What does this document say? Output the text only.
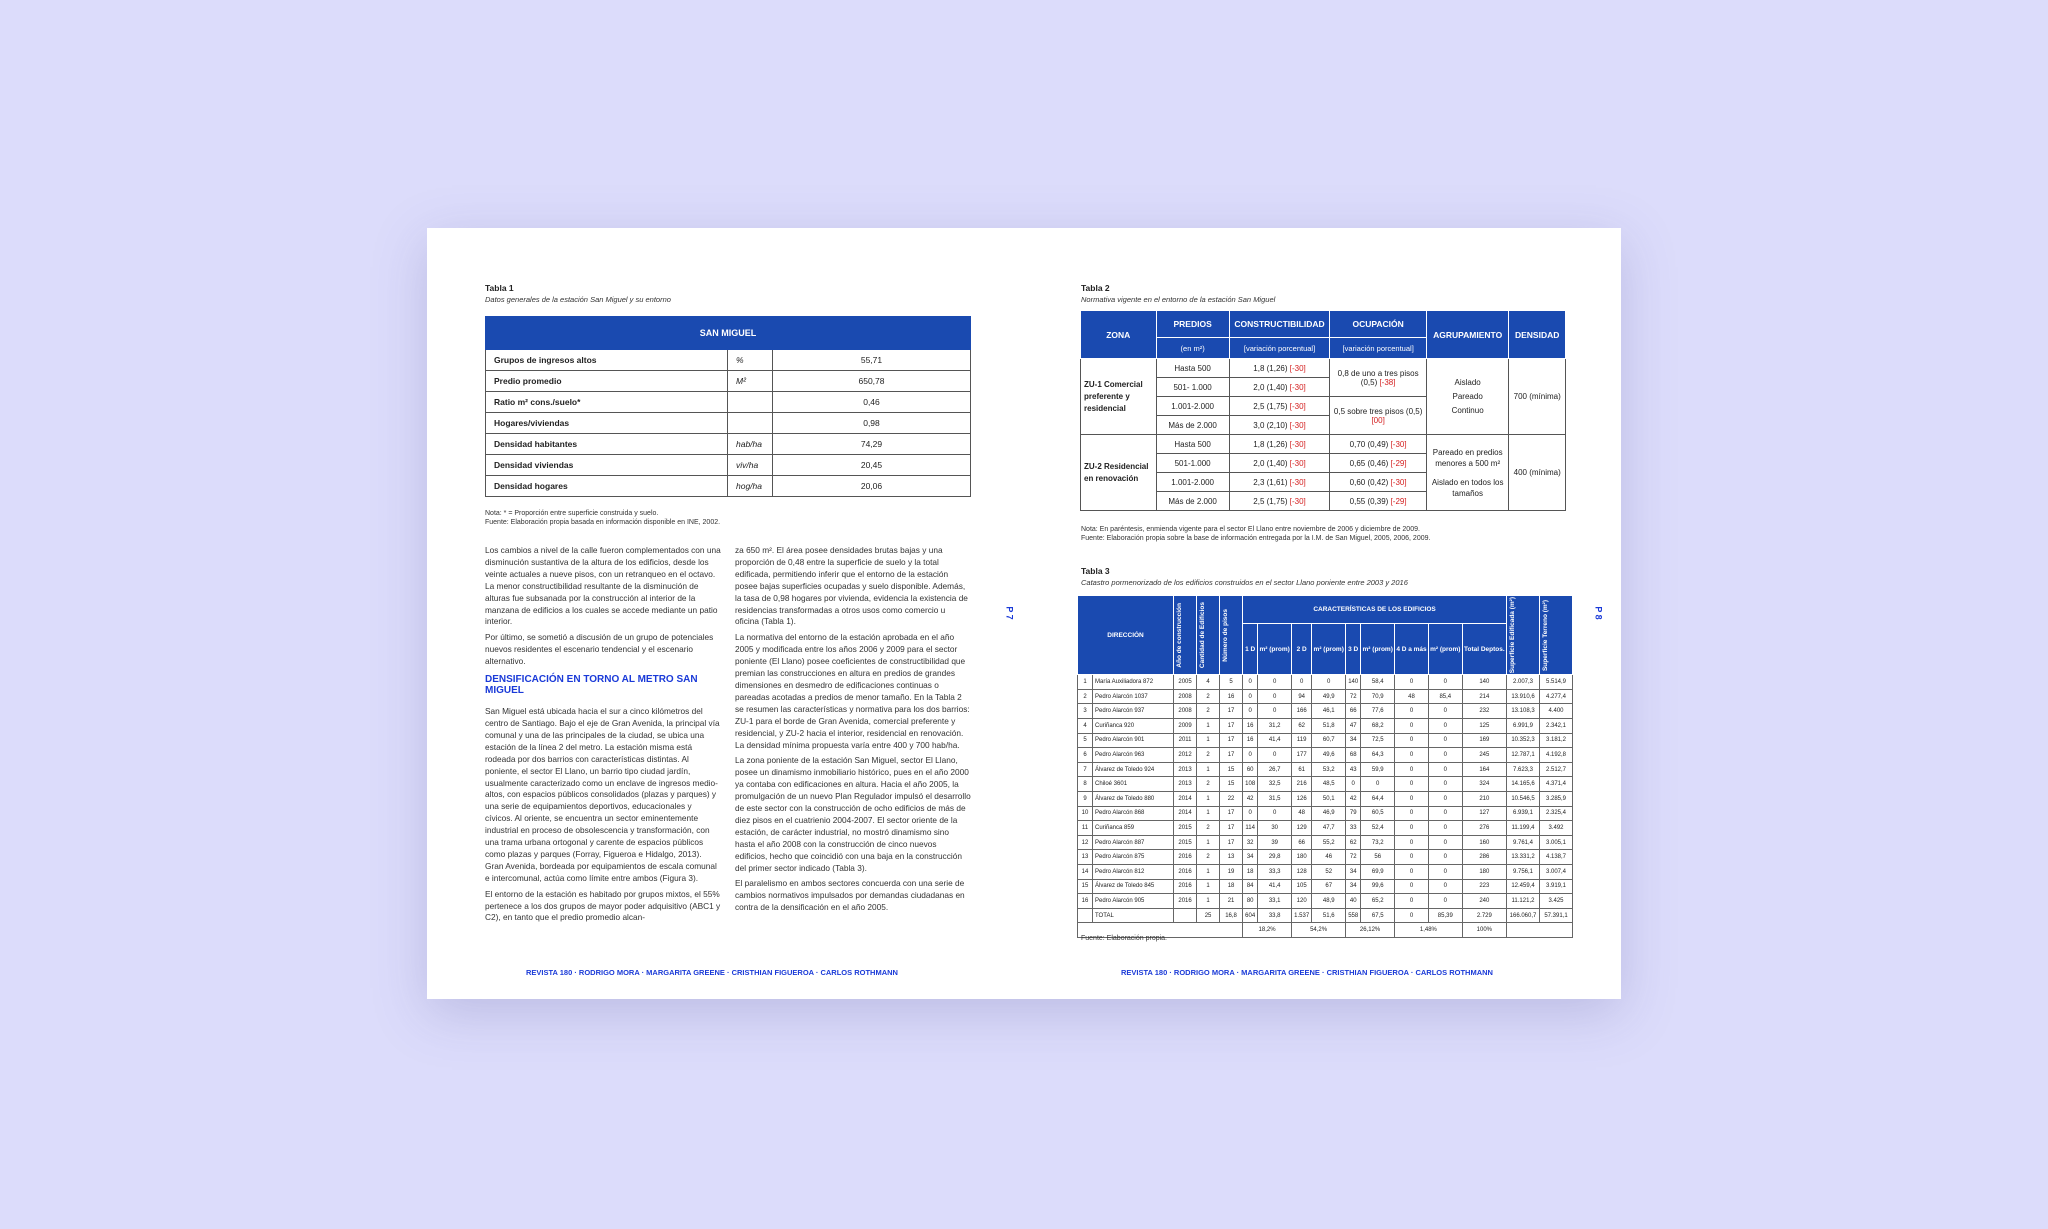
Tabla 1
Datos generales de la estación San Miguel y su entorno
SAN MIGUEL		
Grupos de ingresos altos	%	55,71
Predio promedio	M²	650,78
Ratio m² cons./suelo*		0,46
Hogares/viviendas		0,98
Densidad habitantes	hab/ha	74,29
Densidad viviendas	viv/ha	20,45
Densidad hogares	hog/ha	20,06
Nota: * = Proporción entre superficie construida y suelo.
Fuente: Elaboración propia basada en información disponible en INE, 2002.

Los cambios a nivel de la calle fueron complementados con una disminución sustantiva de la altura de los edificios, desde los veinte actuales a nueve pisos, con un retranqueo en el octavo. La menor constructibilidad resultante de la disminución de alturas fue subsanada por la construcción al interior de la manzana de edificios a los cuales se accede mediante un patio interior.

Por último, se sometió a discusión de un grupo de potenciales nuevos residentes el escenario tendencial y el escenario alternativo.

DENSIFICACIÓN EN TORNO AL METRO SAN MIGUEL

San Miguel está ubicada hacia el sur a cinco kilómetros del centro de Santiago. Bajo el eje de Gran Avenida, la principal vía comunal y una de las principales de la ciudad, se ubica una estación de la línea 2 del metro. La estación misma está rodeada por dos barrios con características distintas. Al poniente, el sector El Llano, un barrio tipo ciudad jardín, usualmente caracterizado como un enclave de ingresos medio-altos, con espacios públicos consolidados (plazas y parques) y una serie de equipamientos deportivos, educacionales y cívicos. Al oriente, se encuentra un sector eminentemente industrial en proceso de obsolescencia y transformación, con una trama urbana ortogonal y carente de espacios públicos como plazas y parques (Forray, Figueroa e Hidalgo, 2013). Gran Avenida, bordeada por equipamientos de escala comunal e intercomunal, actúa como límite entre ambos (Figura 3).

El entorno de la estación es habitado por grupos mixtos, el 55% pertenece a los dos grupos de mayor poder adquisitivo (ABC1 y C2), en tanto que el predio promedio alcan-

za 650 m². El área posee densidades brutas bajas y una proporción de 0,48 entre la superficie de suelo y la total edificada, permitiendo inferir que el entorno de la estación posee bajas superficies ocupadas y suelo disponible. Además, la tasa de 0,98 hogares por vivienda, evidencia la existencia de residencias transformadas a otros usos como comercio u oficina (Tabla 1).

La normativa del entorno de la estación aprobada en el año 2005 y modificada entre los años 2006 y 2009 para el sector poniente (El Llano) posee coeficientes de constructibilidad que premian las construcciones en altura en predios de grandes dimensiones en desmedro de edificaciones continuas o pareadas acotadas a predios de menor tamaño. En la Tabla 2 se resumen las características y normativa para los dos barrios: ZU-1 para el borde de Gran Avenida, comercial preferente y residencial, y ZU-2 hacia el interior, residencial en renovación. La densidad mínima propuesta varía entre 400 y 700 hab/ha.

La zona poniente de la estación San Miguel, sector El Llano, posee un dinamismo inmobiliario histórico, pues en el año 2000 ya contaba con edificaciones en altura. Hacia el año 2005, la promulgación de un nuevo Plan Regulador impulsó el desarrollo de este sector con la construcción de ocho edificios de más de diez pisos en el cuatrienio 2004-2007. El sector oriente de la estación, de carácter industrial, no mostró dinamismo sino hasta el año 2008 con la construcción de cinco nuevos edificios, hecho que coincidió con una baja en la construcción del primer sector indicado (Tabla 3).

El paralelismo en ambos sectores concuerda con una serie de cambios normativos impulsados por demandas ciudadanas en contra de la densificación en el año 2005.

P 7
REVISTA 180 · RODRIGO MORA · MARGARITA GREENE · CRISTHIAN FIGUEROA · CARLOS ROTHMANN
Tabla 2
Normativa vigente en el entorno de la estación San Miguel
ZONA	PREDIOS	CONSTRUCTIBILIDAD	OCUPACIÓN	AGRUPAMIENTO	DENSIDAD
	(en m²)	[variación porcentual]	[variación porcentual]		
ZU-1 Comercial preferente y residencial	Hasta 500	1,8 (1,26) [-30]	0,8 de uno a tres pisos (0,5) [-38]	Aislado
Pareado
Continuo	700 (mínima)
	501- 1.000	2,0 (1,40) [-30]			
	1.001-2.000	2,5 (1,75) [-30]	0,5 sobre tres pisos (0,5) [00]		
	Más de 2.000	3,0 (2,10) [-30]			
ZU-2 Residencial en renovación	Hasta 500	1,8 (1,26) [-30]	0,70 (0,49) [-30]	Pareado en predios menores a 500 m²
Aislado en todos los tamaños	400 (mínima)
	501-1.000	2,0 (1,40) [-30]	0,65 (0,46) [-29]		
	1.001-2.000	2,3 (1,61) [-30]	0,60 (0,42) [-30]		
	Más de 2.000	2,5 (1,75) [-30]	0,55 (0,39) [-29]		
Nota: En paréntesis, enmienda vigente para el sector El Llano entre noviembre de 2006 y diciembre de 2009.
Fuente: Elaboración propia sobre la base de información entregada por la I.M. de San Miguel, 2005, 2006, 2009.
Tabla 3
Catastro pormenorizado de los edificios construidos en el sector Llano poniente entre 2003 y 2016
DIRECCIÓN		Año de construcción	Cantidad de Edificios	Número de pisos	CARACTERÍSTICAS DE LOS EDIFICIOS									Superficie Edificada (m²)	Superficie Terreno (m²)

					1 D	m² (prom)	2 D	m² (prom)	3 D	m² (prom)	4 D a más	m² (prom)	Total Deptos.		
1	María Auxiliadora 872	2005	4	5	0	0	0	0	140	58,4	0	0	140	2.007,3	5.514,9
2	Pedro Alarcón 1037	2008	2	16	0	0	94	49,9	72	70,9	48	85,4	214	13.910,6	4.277,4
3	Pedro Alarcón 937	2008	2	17	0	0	166	46,1	66	77,6	0	0	232	13.108,3	4.400
4	Curiñanca 920	2009	1	17	16	31,2	62	51,8	47	68,2	0	0	125	6.991,9	2.342,1
5	Pedro Alarcón 901	2011	1	17	16	41,4	119	60,7	34	72,5	0	0	169	10.352,3	3.181,2
6	Pedro Alarcón 963	2012	2	17	0	0	177	49,6	68	64,3	0	0	245	12.787,1	4.192,8
7	Álvarez de Toledo 924	2013	1	15	60	26,7	61	53,2	43	59,9	0	0	164	7.623,3	2.512,7
8	Chiloé 3601	2013	2	15	108	32,5	216	48,5	0	0	0	0	324	14.165,6	4.371,4
9	Álvarez de Toledo 880	2014	1	22	42	31,5	126	50,1	42	64,4	0	0	210	10.546,5	3.285,9
10	Pedro Alarcón 868	2014	1	17	0	0	48	46,9	79	60,5	0	0	127	6.939,1	2.325,4
11	Curiñanca 859	2015	2	17	114	30	129	47,7	33	52,4	0	0	276	11.199,4	3.492
12	Pedro Alarcón 887	2015	1	17	32	39	66	55,2	62	73,2	0	0	160	9.761,4	3.005,1
13	Pedro Alarcón 875	2016	2	13	34	29,8	180	46	72	56	0	0	286	13.331,2	4.138,7
14	Pedro Alarcón 812	2016	1	19	18	33,3	128	52	34	69,9	0	0	180	9.756,1	3.007,4
15	Álvarez de Toledo 845	2016	1	18	84	41,4	105	67	34	99,6	0	0	223	12.459,4	3.919,1
16	Pedro Alarcón 905	2016	1	21	80	33,1	120	48,9	40	65,2	0	0	240	11.121,2	3.425
	TOTAL		25	16,8	604	33,8	1.537	51,6	558	67,5	0	85,39	2.729	166.060,7	57.391,1
					18,2%		54,2%		26,12%		1,48%		100%		
Fuente: Elaboración propia.
P 8
REVISTA 180 · RODRIGO MORA · MARGARITA GREENE · CRISTHIAN FIGUEROA · CARLOS ROTHMANN
